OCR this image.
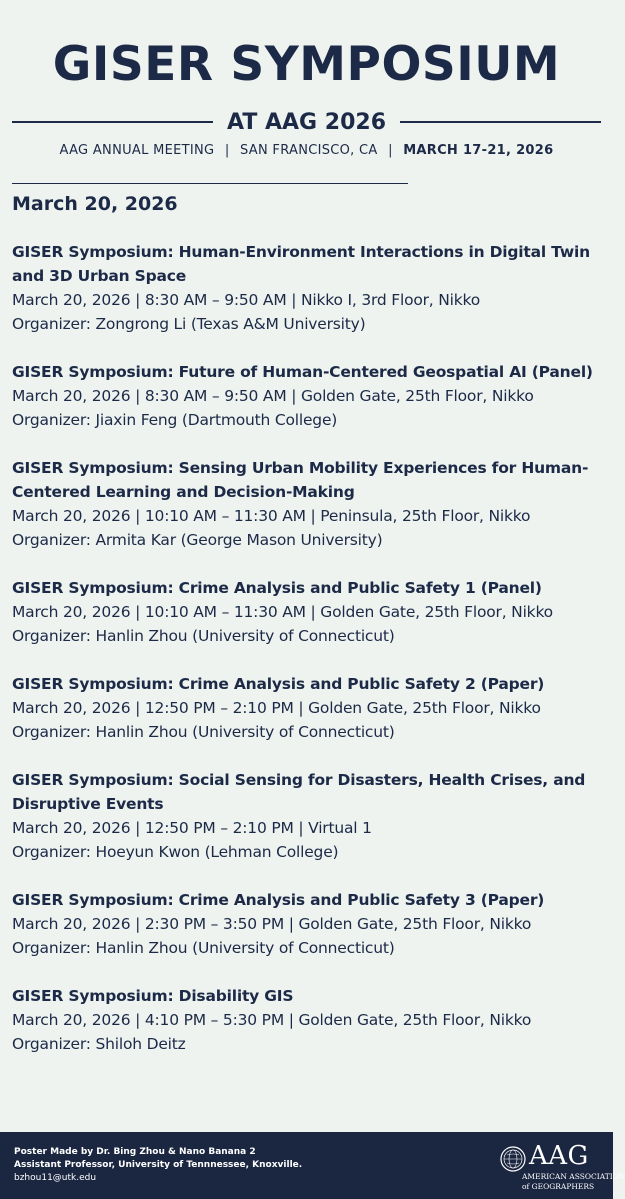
GISER SYMPOSIUM
AT AAG 2026
AAG ANNUAL MEETING | SAN FRANCISCO, CA | MARCH 17-21, 2026
March 20, 2026
GISER Symposium: Human-Environment Interactions in Digital Twin and 3D Urban Space
March 20, 2026 | 8:30 AM – 9:50 AM | Nikko I, 3rd Floor, Nikko
Organizer: Zongrong Li (Texas A&M University)
GISER Symposium: Future of Human-Centered Geospatial AI (Panel)
March 20, 2026 | 8:30 AM – 9:50 AM | Golden Gate, 25th Floor, Nikko
Organizer: Jiaxin Feng (Dartmouth College)
GISER Symposium: Sensing Urban Mobility Experiences for Human-Centered Learning and Decision-Making
March 20, 2026 | 10:10 AM – 11:30 AM | Peninsula, 25th Floor, Nikko
Organizer: Armita Kar (George Mason University)
GISER Symposium: Crime Analysis and Public Safety 1 (Panel)
March 20, 2026 | 10:10 AM – 11:30 AM | Golden Gate, 25th Floor, Nikko
Organizer: Hanlin Zhou (University of Connecticut)
GISER Symposium: Crime Analysis and Public Safety 2 (Paper)
March 20, 2026 | 12:50 PM – 2:10 PM | Golden Gate, 25th Floor, Nikko
Organizer: Hanlin Zhou (University of Connecticut)
GISER Symposium: Social Sensing for Disasters, Health Crises, and Disruptive Events
March 20, 2026 | 12:50 PM – 2:10 PM | Virtual 1
Organizer: Hoeyun Kwon (Lehman College)
GISER Symposium: Crime Analysis and Public Safety 3 (Paper)
March 20, 2026 | 2:30 PM – 3:50 PM | Golden Gate, 25th Floor, Nikko
Organizer: Hanlin Zhou (University of Connecticut)
GISER Symposium: Disability GIS
March 20, 2026 | 4:10 PM – 5:30 PM | Golden Gate, 25th Floor, Nikko
Organizer: Shiloh Deitz
Poster Made by Dr. Bing Zhou & Nano Banana 2
Assistant Professor, University of Tennnessee, Knoxville.
bzhou11@utk.edu
AAG
AMERICAN ASSOCIATION
of GEOGRAPHERS
